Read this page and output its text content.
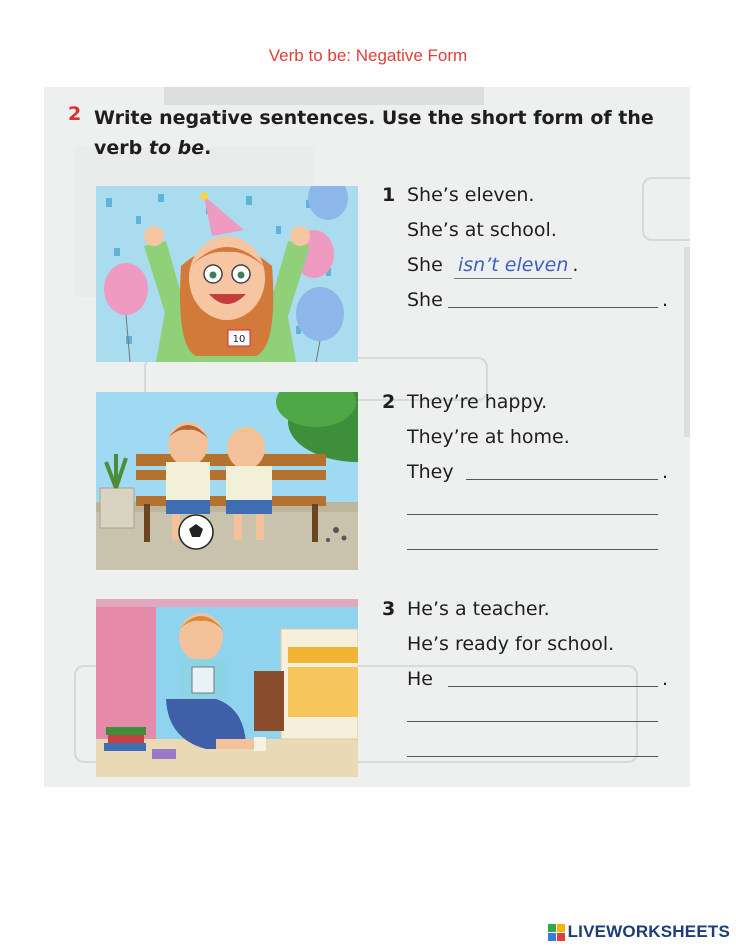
Verb to be: Negative Form
2 Write negative sentences. Use the short form of the verb to be.
10
1 She’s eleven.
She’s at school.
She isn’t eleven .
She	.
2 They’re happy.
They’re at home.
They	.
3 He’s a teacher.
He’s ready for school.
He	.
LIVEWORKSHEETS
